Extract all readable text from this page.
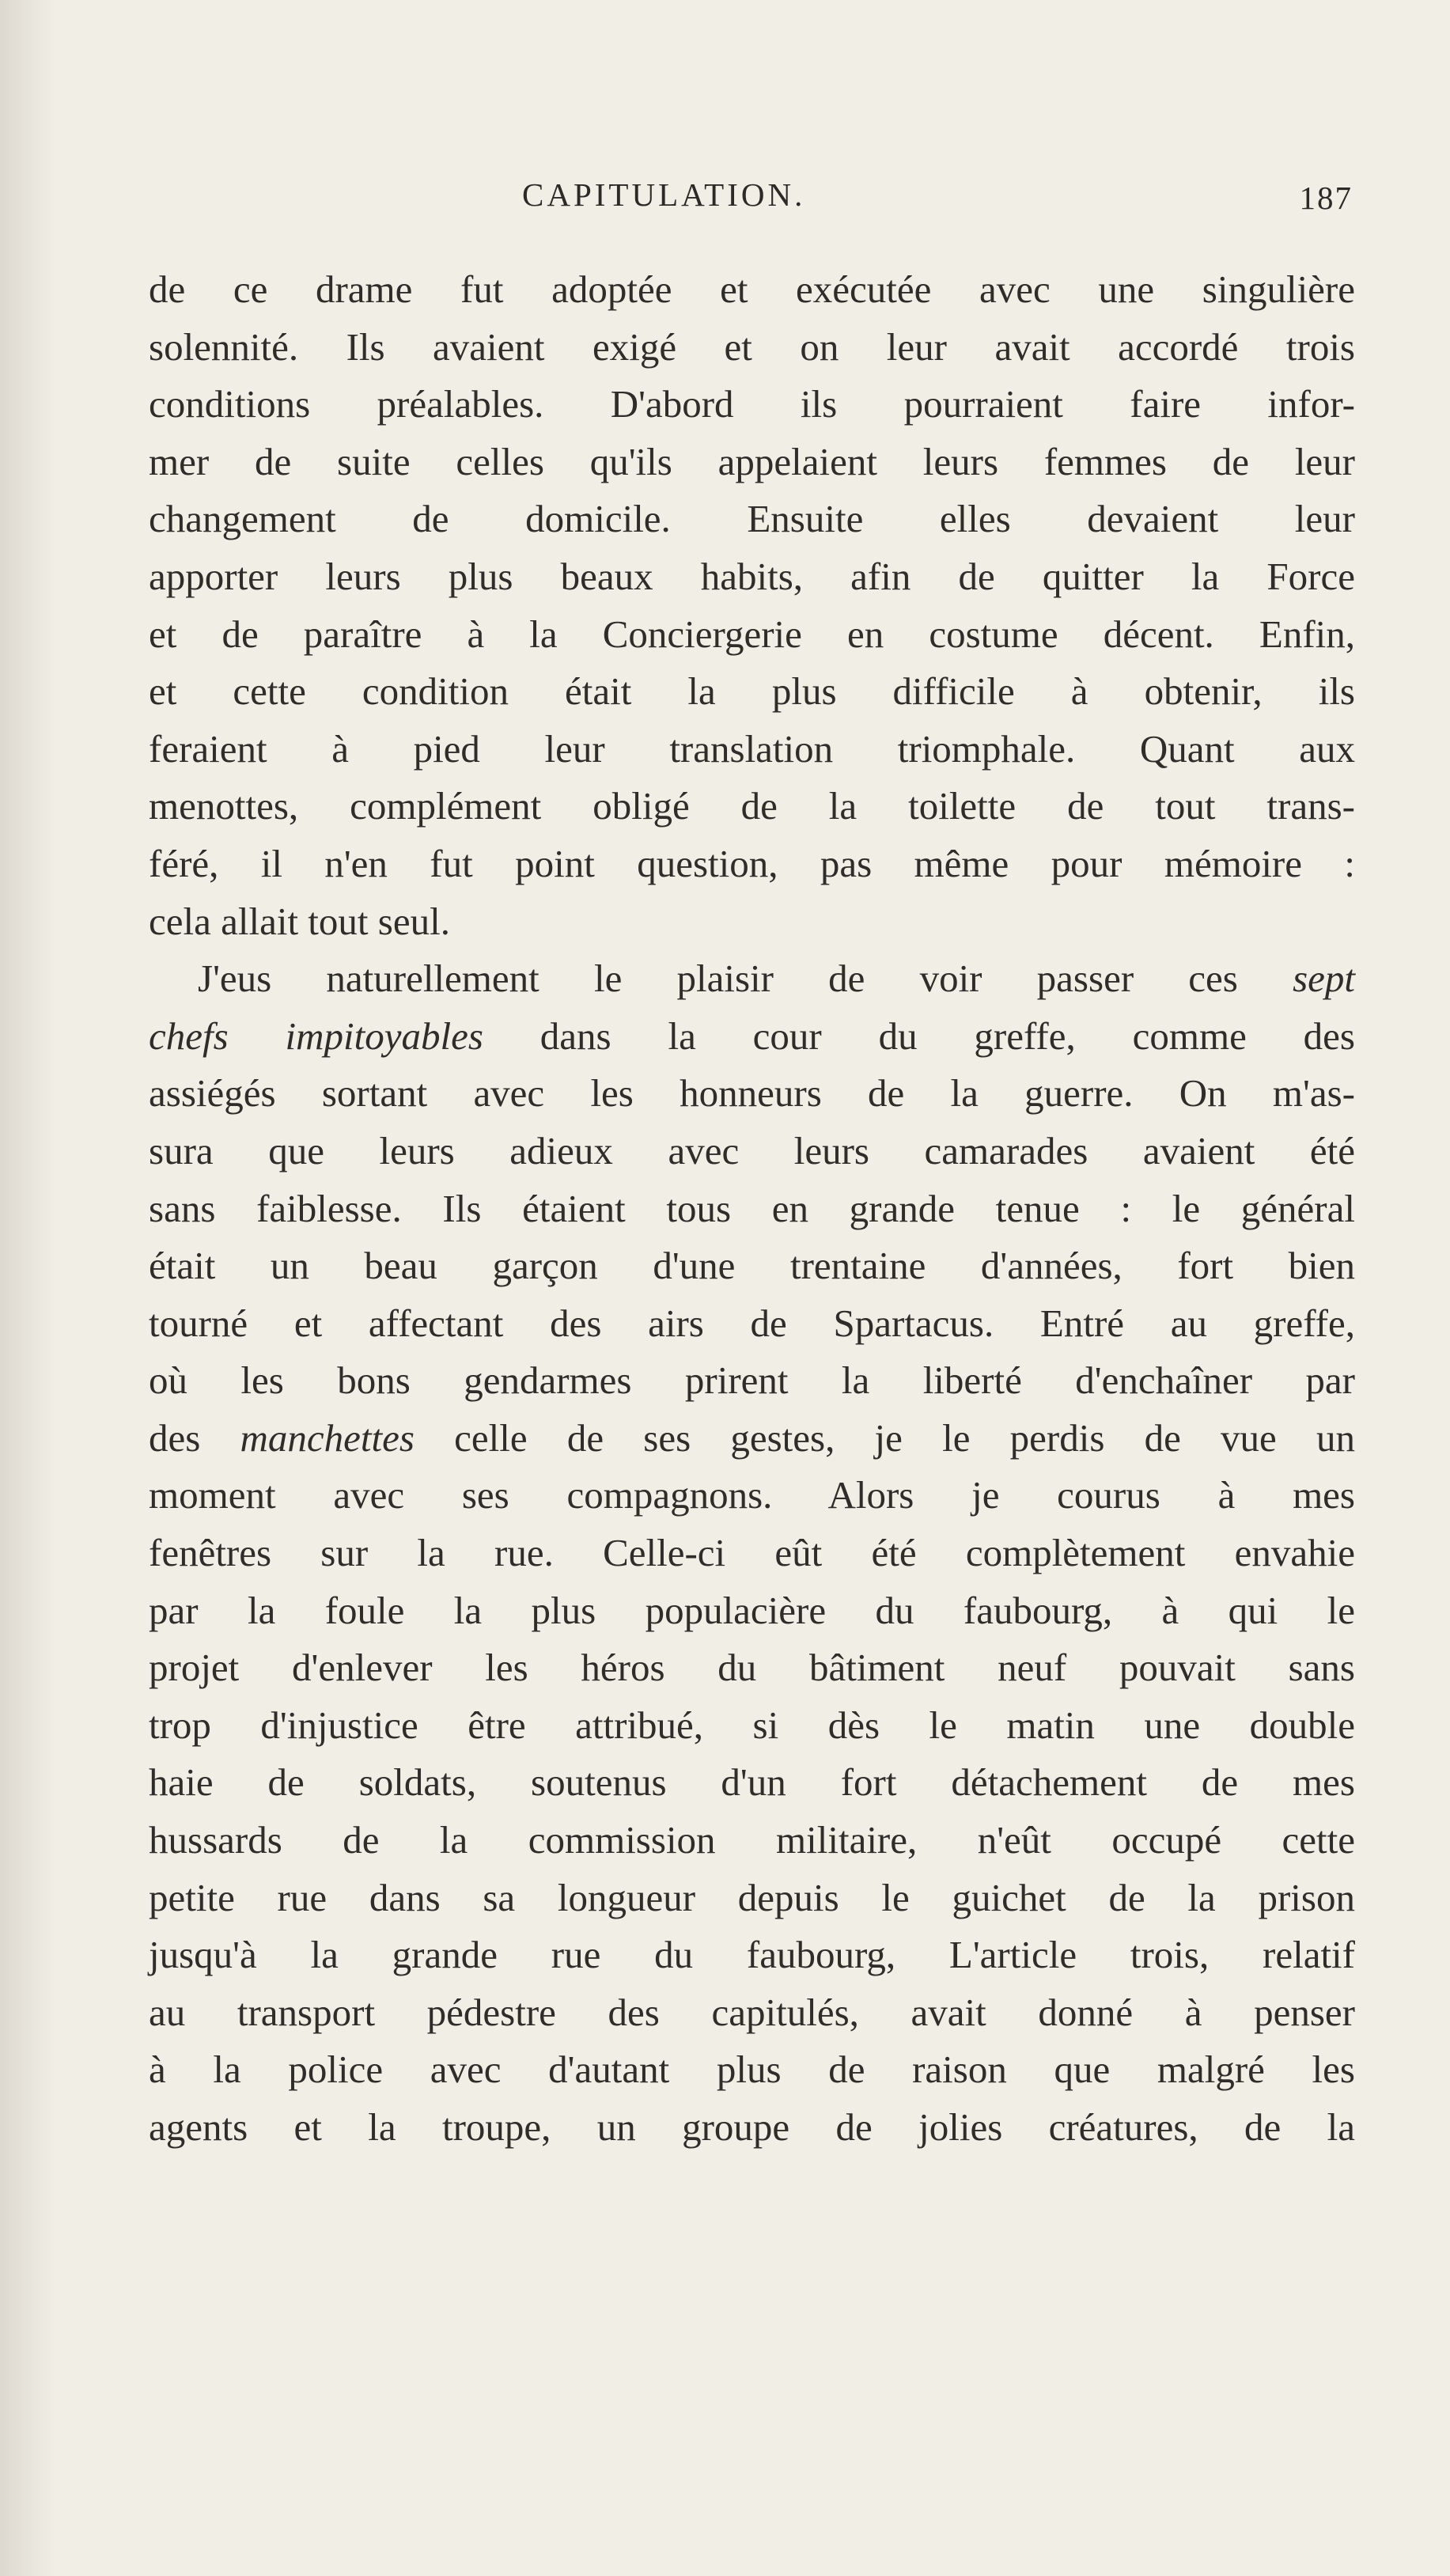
CAPITULATION.	187
de ce drame fut adoptée et exécutée avec une singulière
solennité. Ils avaient exigé et on leur avait accordé trois
conditions préalables. D'abord ils pourraient faire infor-
mer de suite celles qu'ils appelaient leurs femmes de leur
changement de domicile. Ensuite elles devaient leur
apporter leurs plus beaux habits, afin de quitter la Force
et de paraître à la Conciergerie en costume décent. Enfin,
et cette condition était la plus difficile à obtenir, ils
feraient à pied leur translation triomphale. Quant aux
menottes, complément obligé de la toilette de tout trans-
féré, il n'en fut point question, pas même pour mémoire :
cela allait tout seul.
J'eus naturellement le plaisir de voir passer ces sept
chefs impitoyables dans la cour du greffe, comme des
assiégés sortant avec les honneurs de la guerre. On m'as-
sura que leurs adieux avec leurs camarades avaient été
sans faiblesse. Ils étaient tous en grande tenue : le général
était un beau garçon d'une trentaine d'années, fort bien
tourné et affectant des airs de Spartacus. Entré au greffe,
où les bons gendarmes prirent la liberté d'enchaîner par
des manchettes celle de ses gestes, je le perdis de vue un
moment avec ses compagnons. Alors je courus à mes
fenêtres sur la rue. Celle-ci eût été complètement envahie
par la foule la plus populacière du faubourg, à qui le
projet d'enlever les héros du bâtiment neuf pouvait sans
trop d'injustice être attribué, si dès le matin une double
haie de soldats, soutenus d'un fort détachement de mes
hussards de la commission militaire, n'eût occupé cette
petite rue dans sa longueur depuis le guichet de la prison
jusqu'à la grande rue du faubourg, L'article trois, relatif
au transport pédestre des capitulés, avait donné à penser
à la police avec d'autant plus de raison que malgré les
agents et la troupe, un groupe de jolies créatures, de la
